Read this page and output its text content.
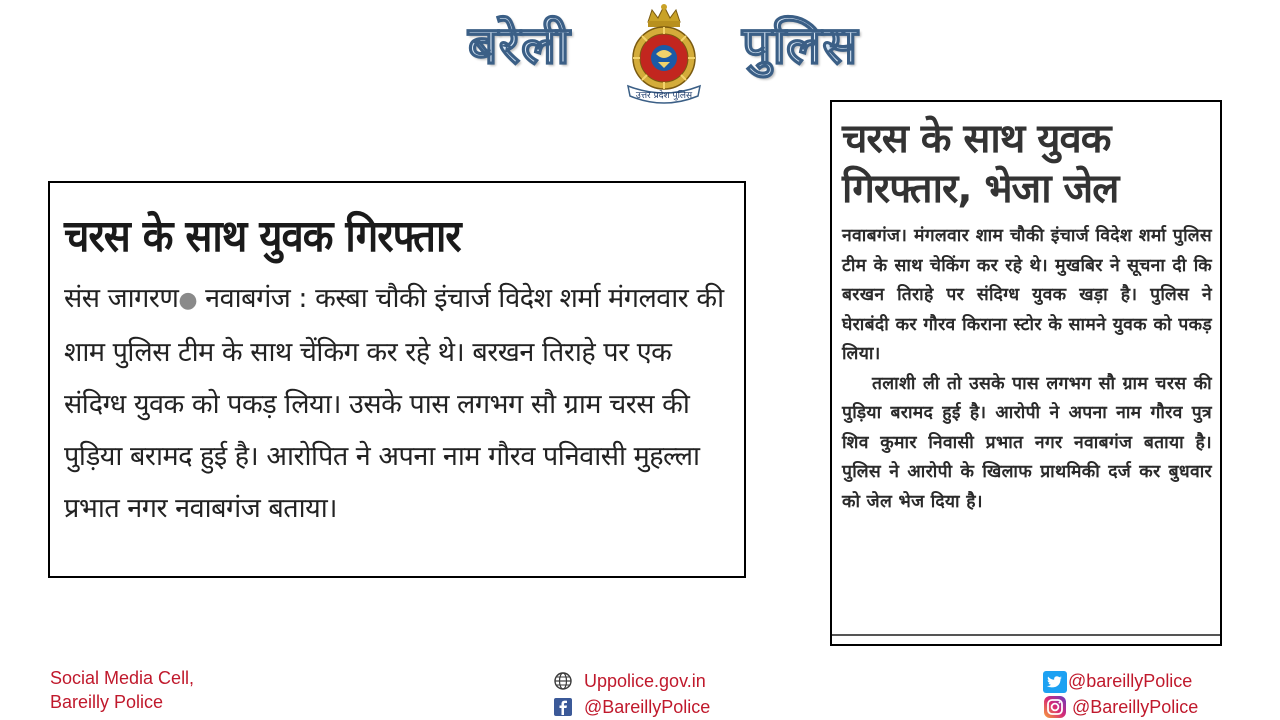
बरेली
उत्तर प्रदेश पुलिस
पुलिस
चरस के साथ युवक गिरफ्तार
संस जागरण● नवाबगंज : कस्बा चौकी इंचार्ज विदेश शर्मा मंगलवार की शाम पुलिस टीम के साथ चेंकिग कर रहे थे। बरखन तिराहे पर एक संदिग्ध युवक को पकड़ लिया। उसके पास लगभग सौ ग्राम चरस की पुड़िया बरामद हुई है। आरोपित ने अपना नाम गौरव पनिवासी मुहल्ला प्रभात नगर नवाबगंज बताया।
चरस के साथ युवक
गिरफ्तार, भेजा जेल
नवाबगंज। मंगलवार शाम चौकी इंचार्ज विदेश शर्मा पुलिस टीम के साथ चेकिंग कर रहे थे। मुखबिर ने सूचना दी कि बरखन तिराहे पर संदिग्ध युवक खड़ा है। पुलिस ने घेराबंदी कर गौरव किराना स्टोर के सामने युवक को पकड़ लिया।
तलाशी ली तो उसके पास लगभग सौ ग्राम चरस की पुड़िया बरामद हुई है। आरोपी ने अपना नाम गौरव पुत्र शिव कुमार निवासी प्रभात नगर नवाबगंज बताया है। पुलिस ने आरोपी के खिलाफ प्राथमिकी दर्ज कर बुधवार को जेल भेज दिया है।
Social Media Cell,
Bareilly Police
Uppolice.gov.in
@BareillyPolice
@bareillyPolice
@BareillyPolice
